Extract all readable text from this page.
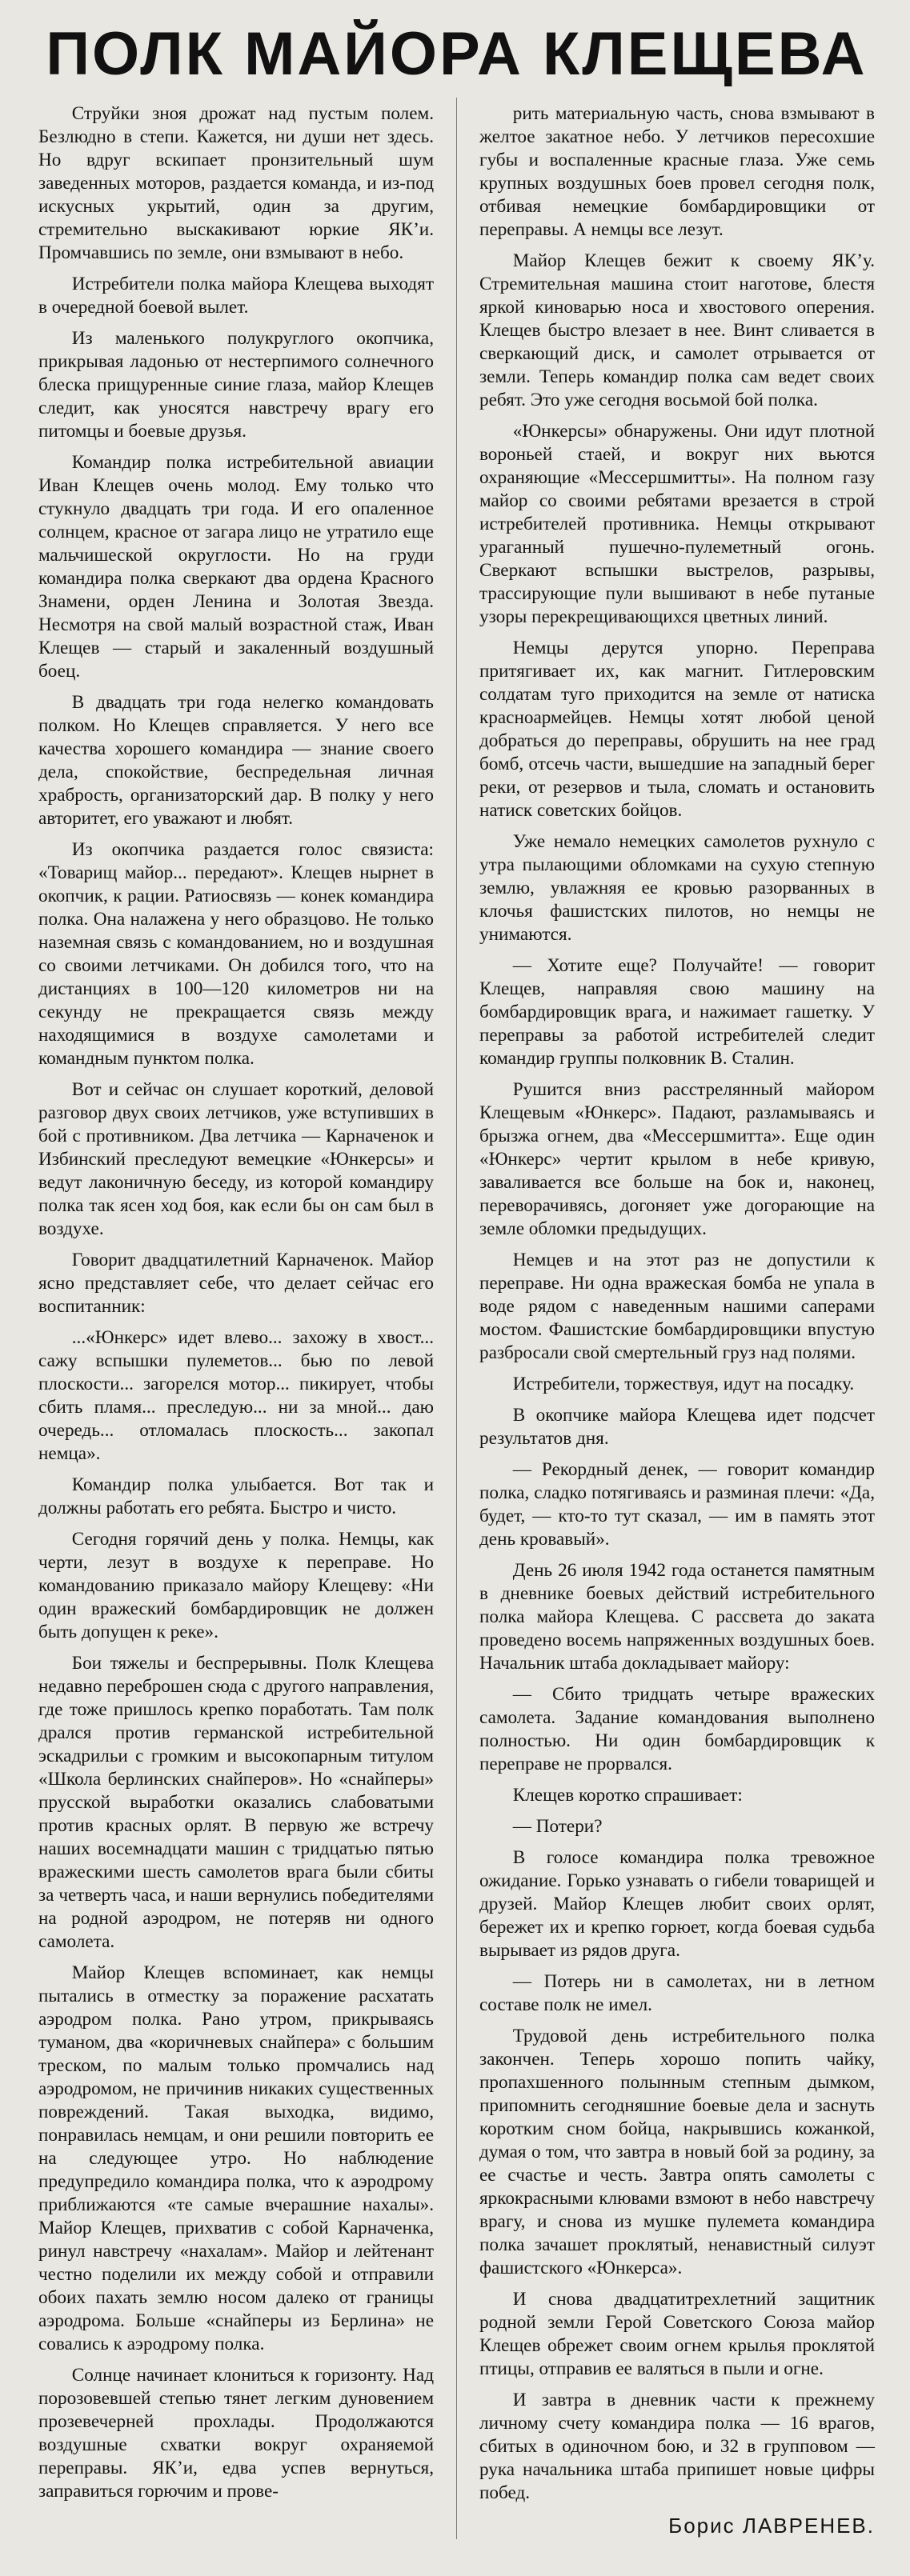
ПОЛК МАЙОРА КЛЕЩЕВА

Струйки зноя дрожат над пустым полем. Безлюдно в степи. Кажется, ни души нет здесь. Но вдруг вскипает пронзительный шум заведенных моторов, раздается команда, и из-под искусных укрытий, один за другим, стремительно выскакивают юркие ЯК’и. Промчавшись по земле, они взмывают в небо.

Истребители полка майора Клещева выходят в очередной боевой вылет.

Из маленького полукруглого окопчика, прикрывая ладонью от нестерпимого солнечного блеска прищуренные синие глаза, майор Клещев следит, как уносятся навстречу врагу его питомцы и боевые друзья.

Командир полка истребительной авиации Иван Клещев очень молод. Ему только что стукнуло двадцать три года. И его опаленное солнцем, красное от загара лицо не утратило еще мальчишеской округлости. Но на груди командира полка сверкают два ордена Красного Знамени, орден Ленина и Золотая Звезда. Несмотря на свой малый возрастной стаж, Иван Клещев — старый и закаленный воздушный боец.

В двадцать три года нелегко командовать полком. Но Клещев справляется. У него все качества хорошего командира — знание своего дела, спокойствие, беспредельная личная храбрость, организаторский дар. В полку у него авторитет, его уважают и любят.

Из окопчика раздается голос связиста: «Товарищ майор... передают». Клещев нырнет в окопчик, к рации. Ратиосвязь — конек командира полка. Она налажена у него образцово. Не только наземная связь с командованием, но и воздушная со своими летчиками. Он добился того, что на дистанциях в 100—120 километров ни на секунду не прекращается связь между находящимися в воздухе самолетами и командным пунктом полка.

Вот и сейчас он слушает короткий, деловой разговор двух своих летчиков, уже вступивших в бой с противником. Два летчика — Карначенок и Избинский преследуют вемецкие «Юнкерсы» и ведут лаконичную беседу, из которой командиру полка так ясен ход боя, как если бы он сам был в воздухе.

Говорит двадцатилетний Карначенок. Майор ясно представляет себе, что делает сейчас его воспитанник:

...«Юнкерс» идет влево... захожу в хвост... сажу вспышки пулеметов... бью по левой плоскости... загорелся мотор... пикирует, чтобы сбить пламя... преследую... ни за мной... даю очередь... отломалась плоскость... закопал немца».

Командир полка улыбается. Вот так и должны работать его ребята. Быстро и чисто.

Сегодня горячий день у полка. Немцы, как черти, лезут в воздухе к переправе. Но командованию приказало майору Клещеву: «Ни один вражеский бомбардировщик не должен быть допущен к реке».

Бои тяжелы и беспрерывны. Полк Клещева недавно переброшен сюда с другого направления, где тоже пришлось крепко поработать. Там полк дрался против германской истребительной эскадрильи с громким и высокопарным титулом «Школа берлинских снайперов». Но «снайперы» прусской выработки оказались слабоватыми против красных орлят. В первую же встречу наших восемнадцати машин с тридцатью пятью вражескими шесть самолетов врага были сбиты за четверть часа, и наши вернулись победителями на родной аэродром, не потеряв ни одного самолета.

Майор Клещев вспоминает, как немцы пытались в отместку за поражение расхатать аэродром полка. Рано утром, прикрываясь туманом, два «коричневых снайпера» с большим треском, по малым только промчались над аэродромом, не причинив никаких существенных повреждений. Такая выходка, видимо, понравилась немцам, и они решили повторить ее на следующее утро. Но наблюдение предупредило командира полка, что к аэродрому приближаются «те самые вчерашние нахалы». Майор Клещев, прихватив с собой Карначенка, ринул навстречу «нахалам». Майор и лейтенант честно поделили их между собой и отправили обоих пахать землю носом далеко от границы аэродрома. Больше «снайперы из Берлина» не совались к аэродрому полка.

Солнце начинает клониться к горизонту. Над порозовевшей степью тянет легким дуновением прозевечерней прохлады. Продолжаются воздушные схватки вокруг охраняемой переправы. ЯК’и, едва успев вернуться, заправиться горючим и прове-

рить материальную часть, снова взмывают в желтое закатное небо. У летчиков пересохшие губы и воспаленные красные глаза. Уже семь крупных воздушных боев провел сегодня полк, отбивая немецкие бомбардировщики от переправы. А немцы все лезут.

Майор Клещев бежит к своему ЯК’у. Стремительная машина стоит наготове, блестя яркой киноварью носа и хвостового оперения. Клещев быстро влезает в нее. Винт сливается в сверкающий диск, и самолет отрывается от земли. Теперь командир полка сам ведет своих ребят. Это уже сегодня восьмой бой полка.

«Юнкерсы» обнаружены. Они идут плотной вороньей стаей, и вокруг них вьются охраняющие «Мессершмитты». На полном газу майор со своими ребятами врезается в строй истребителей противника. Немцы открывают ураганный пушечно-пулеметный огонь. Сверкают вспышки выстрелов, разрывы, трассирующие пули вышивают в небе путаные узоры перекрещивающихся цветных линий.

Немцы дерутся упорно. Переправа притягивает их, как магнит. Гитлеровским солдатам туго приходится на земле от натиска красноармейцев. Немцы хотят любой ценой добраться до переправы, обрушить на нее град бомб, отсечь части, вышедшие на западный берег реки, от резервов и тыла, сломать и остановить натиск советских бойцов.

Уже немало немецких самолетов рухнуло с утра пылающими обломками на сухую степную землю, увлажняя ее кровью разорванных в клочья фашистских пилотов, но немцы не унимаются.

— Хотите еще? Получайте! — говорит Клещев, направляя свою машину на бомбардировщик врага, и нажимает гашетку. У переправы за работой истребителей следит командир группы полковник В. Сталин.

Рушится вниз расстрелянный майором Клещевым «Юнкерс». Падают, разламываясь и брызжа огнем, два «Мессершмитта». Еще один «Юнкерс» чертит крылом в небе кривую, заваливается все больше на бок и, наконец, переворачивясь, догоняет уже догорающие на земле обломки предыдущих.

Немцев и на этот раз не допустили к переправе. Ни одна вражеская бомба не упала в воде рядом с наведенным нашими саперами мостом. Фашистские бомбардировщики впустую разбросали свой смертельный груз над полями.

Истребители, торжествуя, идут на посадку.

В окопчике майора Клещева идет подсчет результатов дня.

— Рекордный денек, — говорит командир полка, сладко потягиваясь и разминая плечи: «Да, будет, — кто-то тут сказал, — им в память этот день кровавый».

День 26 июля 1942 года останется памятным в дневнике боевых действий истребительного полка майора Клещева. С рассвета до заката проведено восемь напряженных воздушных боев. Начальник штаба докладывает майору:

— Сбито тридцать четыре вражеских самолета. Задание командования выполнено полностью. Ни один бомбардировщик к переправе не прорвался.

Клещев коротко спрашивает:

— Потери?

В голосе командира полка тревожное ожидание. Горько узнавать о гибели товарищей и друзей. Майор Клещев любит своих орлят, бережет их и крепко горюет, когда боевая судьба вырывает из рядов друга.

— Потерь ни в самолетах, ни в летном составе полк не имел.

Трудовой день истребительного полка закончен. Теперь хорошо попить чайку, пропахшенного полынным степным дымком, припомнить сегодняшние боевые дела и заснуть коротким сном бойца, накрывшись кожанкой, думая о том, что завтра в новый бой за родину, за ее счастье и честь. Завтра опять самолеты с яркокрасными клювами взмоют в небо навстречу врагу, и снова из мушке пулемета командира полка зачашет проклятый, ненавистный силуэт фашистского «Юнкерса».

И снова двадцатитрехлетний защитник родной земли Герой Советского Союза майор Клещев обрежет своим огнем крылья проклятой птицы, отправив ее валяться в пыли и огне.

И завтра в дневник части к прежнему личному счету командира полка — 16 врагов, сбитых в одиночном бою, и 32 в групповом — рука начальника штаба припишет новые цифры побед.

Борис ЛАВРЕНЕВ.
